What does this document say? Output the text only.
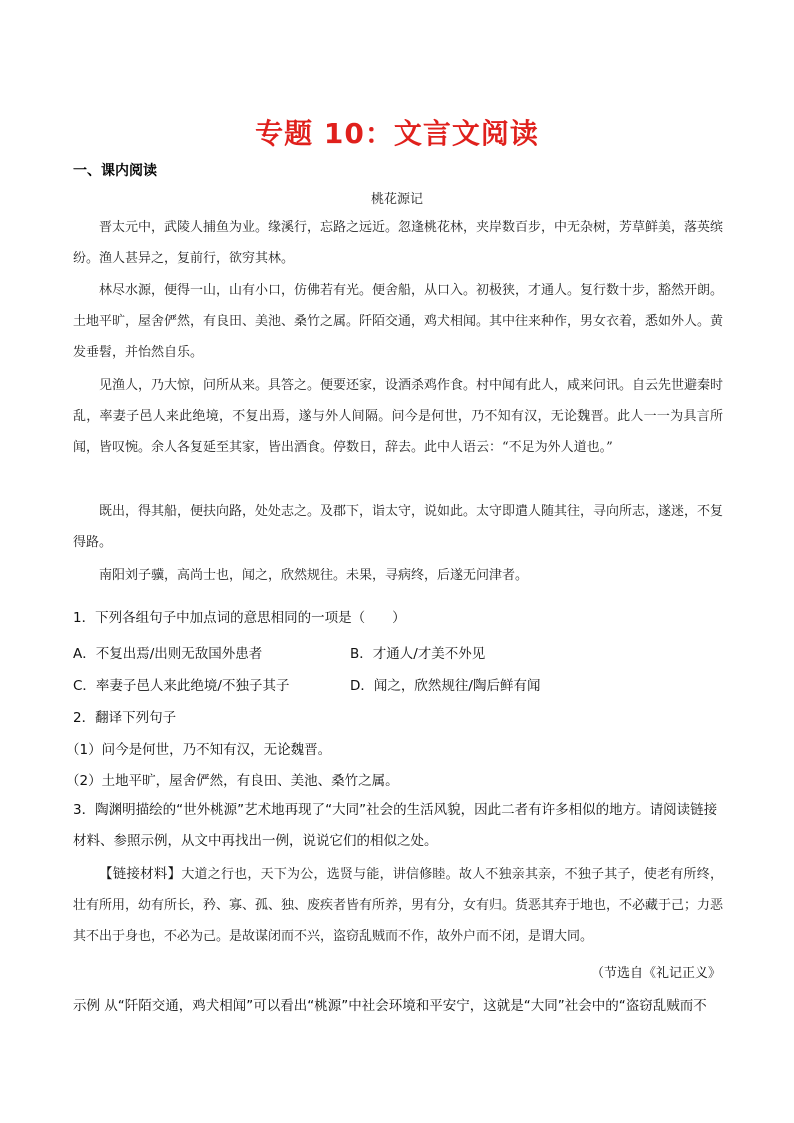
专题 10：文言文阅读
一、课内阅读
桃花源记

晋太元中，武陵人捕鱼为业。缘溪行，忘路之远近。忽逢桃花林，夹岸数百步，中无杂树，芳草鲜美，落英缤纷。渔人甚异之，复前行，欲穷其林。

林尽水源，便得一山，山有小口，仿佛若有光。便舍船，从口入。初极狭，才通人。复行数十步，豁然开朗。土地平旷，屋舍俨然，有良田、美池、桑竹之属。阡陌交通，鸡犬相闻。其中往来种作，男女衣着，悉如外人。黄发垂髫，并怡然自乐。

见渔人，乃大惊，问所从来。具答之。便要还家，设酒杀鸡作食。村中闻有此人，咸来问讯。自云先世避秦时乱，率妻子邑人来此绝境，不复出焉，遂与外人间隔。问今是何世，乃不知有汉，无论魏晋。此人一一为具言所闻，皆叹惋。余人各复延至其家，皆出酒食。停数日，辞去。此中人语云：“不足为外人道也。”

既出，得其船，便扶向路，处处志之。及郡下，诣太守，说如此。太守即遣人随其往，寻向所志，遂迷，不复得路。

南阳刘子骥，高尚士也，闻之，欣然规往。未果，寻病终，后遂无问津者。

1．下列各组句子中加点词的意思相同的一项是（　　）
A．不复出焉/出则无敌国外患者	B．才通人/才美不外见
C．率妻子邑人来此绝境/不独子其子	D．闻之，欣然规往/陶后鲜有闻
2．翻译下列句子
（1）问今是何世，乃不知有汉，无论魏晋。
（2）土地平旷，屋舍俨然，有良田、美池、桑竹之属。

3．陶渊明描绘的“世外桃源”艺术地再现了“大同”社会的生活风貌，因此二者有许多相似的地方。请阅读链接材料、参照示例，从文中再找出一例，说说它们的相似之处。

【链接材料】大道之行也，天下为公，选贤与能，讲信修睦。故人不独亲其亲，不独子其子，使老有所终，壮有所用，幼有所长，矜、寡、孤、独、废疾者皆有所养，男有分，女有归。货恶其弃于地也，不必藏于己；力恶其不出于身也，不必为己。是故谋闭而不兴，盗窃乱贼而不作，故外户而不闭，是谓大同。

（节选自《礼记正义》
示例 从“阡陌交通，鸡犬相闻”可以看出“桃源”中社会环境和平安宁，这就是“大同”社会中的“盗窃乱贼而不
